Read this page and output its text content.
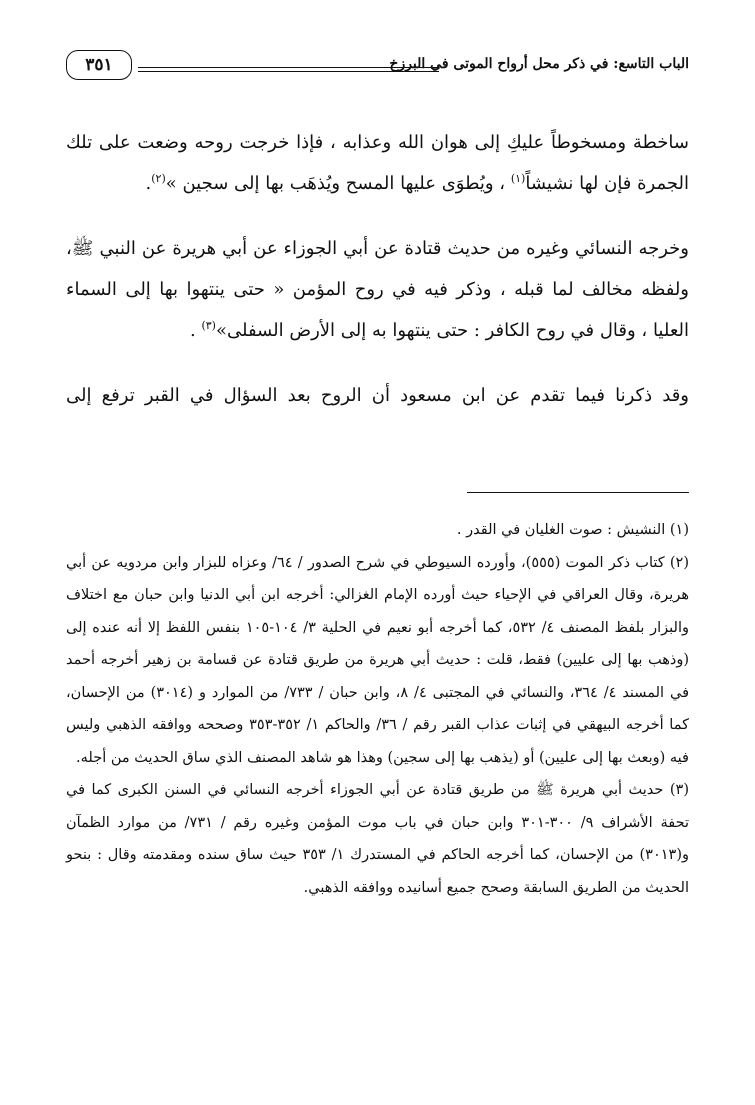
الباب التاسع: في ذكر محل أرواح الموتى في البرزخ
٣٥١

ساخطة ومسخوطاً عليكِ إلى هوان الله وعذابه ، فإذا خرجت روحه وضعت على تلك الجمرة فإن لها نشيشاً$^{(١)}$ ، ويُطوَى عليها المسح ويُذهَب بها إلى سجين »$^{(٢)}$.

وخرجه النسائي وغيره من حديث قتادة عن أبي الجوزاء عن أبي هريرة عن النبي ﷺ، ولفظه مخالف لما قبله ، وذكر فيه في روح المؤمن « حتى ينتهوا بها إلى السماء العليا ، وقال في روح الكافر : حتى ينتهوا به إلى الأرض السفلى»$^{(٣)}$ .

وقد ذكرنا فيما تقدم عن ابن مسعود أن الروح بعد السؤال في القبر ترفع إلى

(١) النشيش : صوت الغليان في القدر .

(٢) كتاب ذكر الموت (٥٥٥)، وأورده السيوطي في شرح الصدور / ٦٤/ وعزاه للبزار وابن مردويه عن أبي هريرة، وقال العراقي في الإحياء حيث أورده الإمام الغزالي: أخرجه ابن أبي الدنيا وابن حبان مع اختلاف والبزار بلفظ المصنف ٤/ ٥٣٢، كما أخرجه أبو نعيم في الحلية ٣/ ١٠٤-١٠٥ بنفس اللفظ إلا أنه عنده إلى (وذهب بها إلى عليين) فقط، قلت : حديث أبي هريرة من طريق قتادة عن قسامة بن زهير أخرجه أحمد في المسند ٤/ ٣٦٤، والنسائي في المجتبى ٤/ ٨، وابن حبان / ٧٣٣/ من الموارد و (٣٠١٤) من الإحسان، كما أخرجه البيهقي في إثبات عذاب القبر رقم / ٣٦/ والحاكم ١/ ٣٥٢-٣٥٣ وصححه ووافقه الذهبي وليس فيه (وبعث بها إلى عليين) أو (يذهب بها إلى سجين) وهذا هو شاهد المصنف الذي ساق الحديث من أجله.

(٣) حديث أبي هريرة ﷺ من طريق قتادة عن أبي الجوزاء أخرجه النسائي في السنن الكبرى كما في تحفة الأشراف ٩/ ٣٠٠-٣٠١ وابن حبان في باب موت المؤمن وغيره رقم / ٧٣١/ من موارد الظمآن و(٣٠١٣) من الإحسان، كما أخرجه الحاكم في المستدرك ١/ ٣٥٣ حيث ساق سنده ومقدمته وقال : بنحو الحديث من الطريق السابقة وصحح جميع أسانيده ووافقه الذهبي.
